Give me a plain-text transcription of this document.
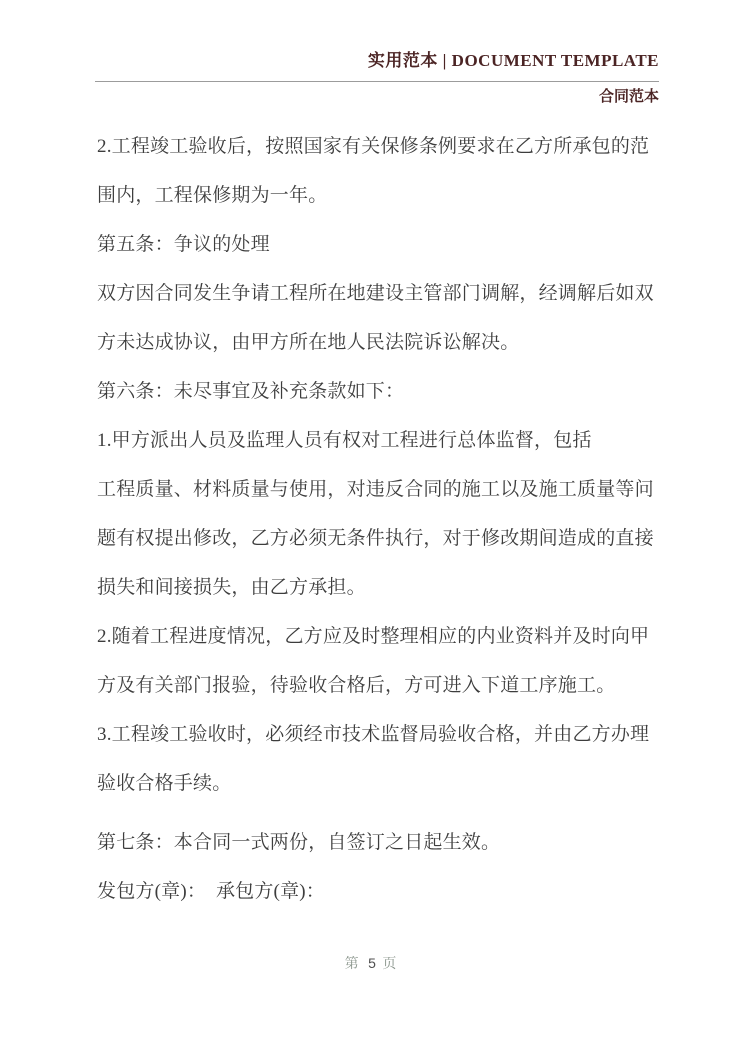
实用范本 | DOCUMENT TEMPLATE
合同范本
2.工程竣工验收后，按照国家有关保修条例要求在乙方所承包的范
围内，工程保修期为一年。
第五条：争议的处理
双方因合同发生争请工程所在地建设主管部门调解，经调解后如双
方未达成协议，由甲方所在地人民法院诉讼解决。
第六条：未尽事宜及补充条款如下：
1.甲方派出人员及监理人员有权对工程进行总体监督，包括
工程质量、材料质量与使用，对违反合同的施工以及施工质量等问
题有权提出修改，乙方必须无条件执行，对于修改期间造成的直接
损失和间接损失，由乙方承担。
2.随着工程进度情况，乙方应及时整理相应的内业资料并及时向甲
方及有关部门报验，待验收合格后，方可进入下道工序施工。
3.工程竣工验收时，必须经市技术监督局验收合格，并由乙方办理
验收合格手续。
第七条：本合同一式两份，自签订之日起生效。
发包方(章)：  承包方(章)：
第 5 页
